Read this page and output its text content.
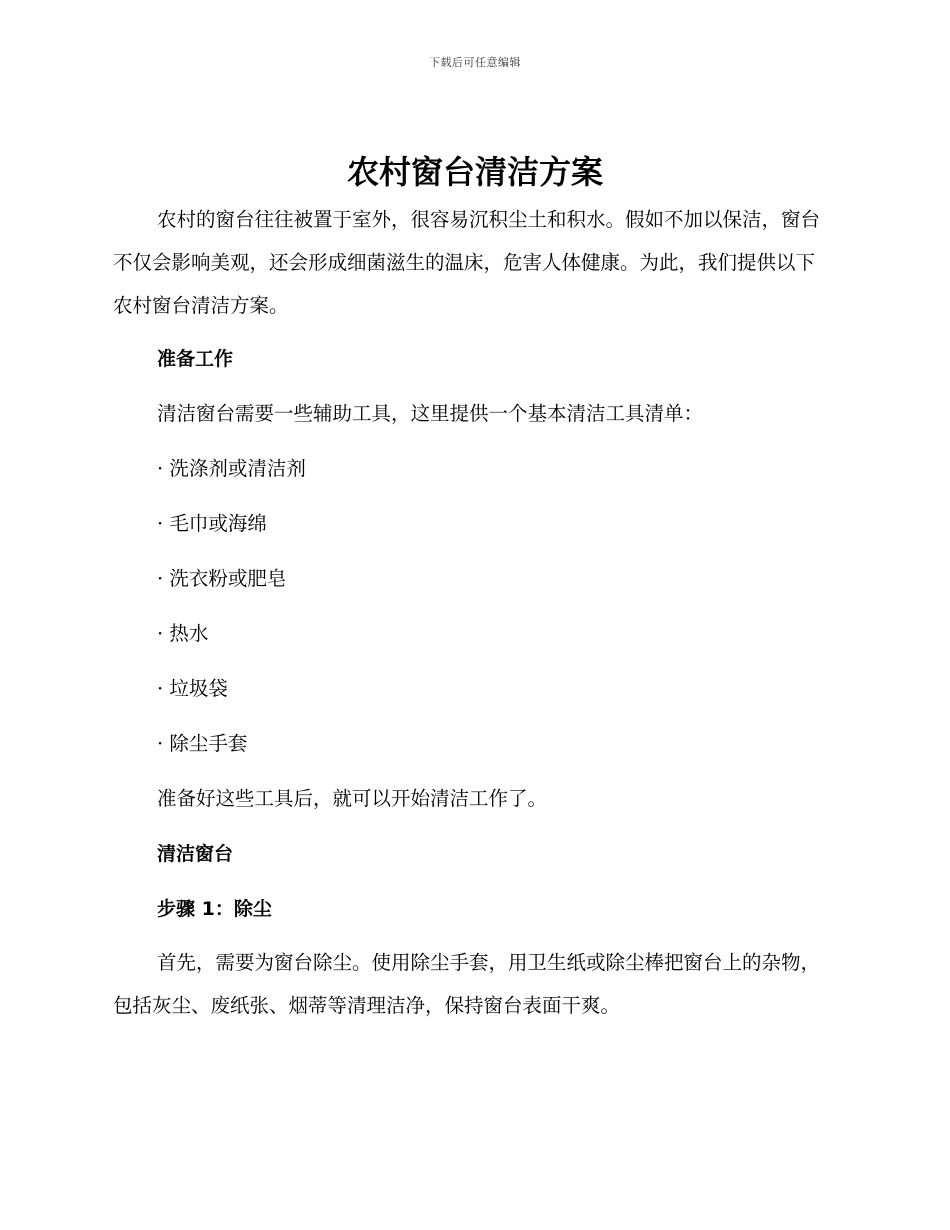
下载后可任意编辑
农村窗台清洁方案

农村的窗台往往被置于室外，很容易沉积尘土和积水。假如不加以保洁，窗台不仅会影响美观，还会形成细菌滋生的温床，危害人体健康。为此，我们提供以下农村窗台清洁方案。

准备工作

清洁窗台需要一些辅助工具，这里提供一个基本清洁工具清单：

· 洗涤剂或清洁剂

· 毛巾或海绵

· 洗衣粉或肥皂

· 热水

· 垃圾袋

· 除尘手套

准备好这些工具后，就可以开始清洁工作了。

清洁窗台

步骤 1：除尘

首先，需要为窗台除尘。使用除尘手套，用卫生纸或除尘棒把窗台上的杂物，包括灰尘、废纸张、烟蒂等清理洁净，保持窗台表面干爽。
